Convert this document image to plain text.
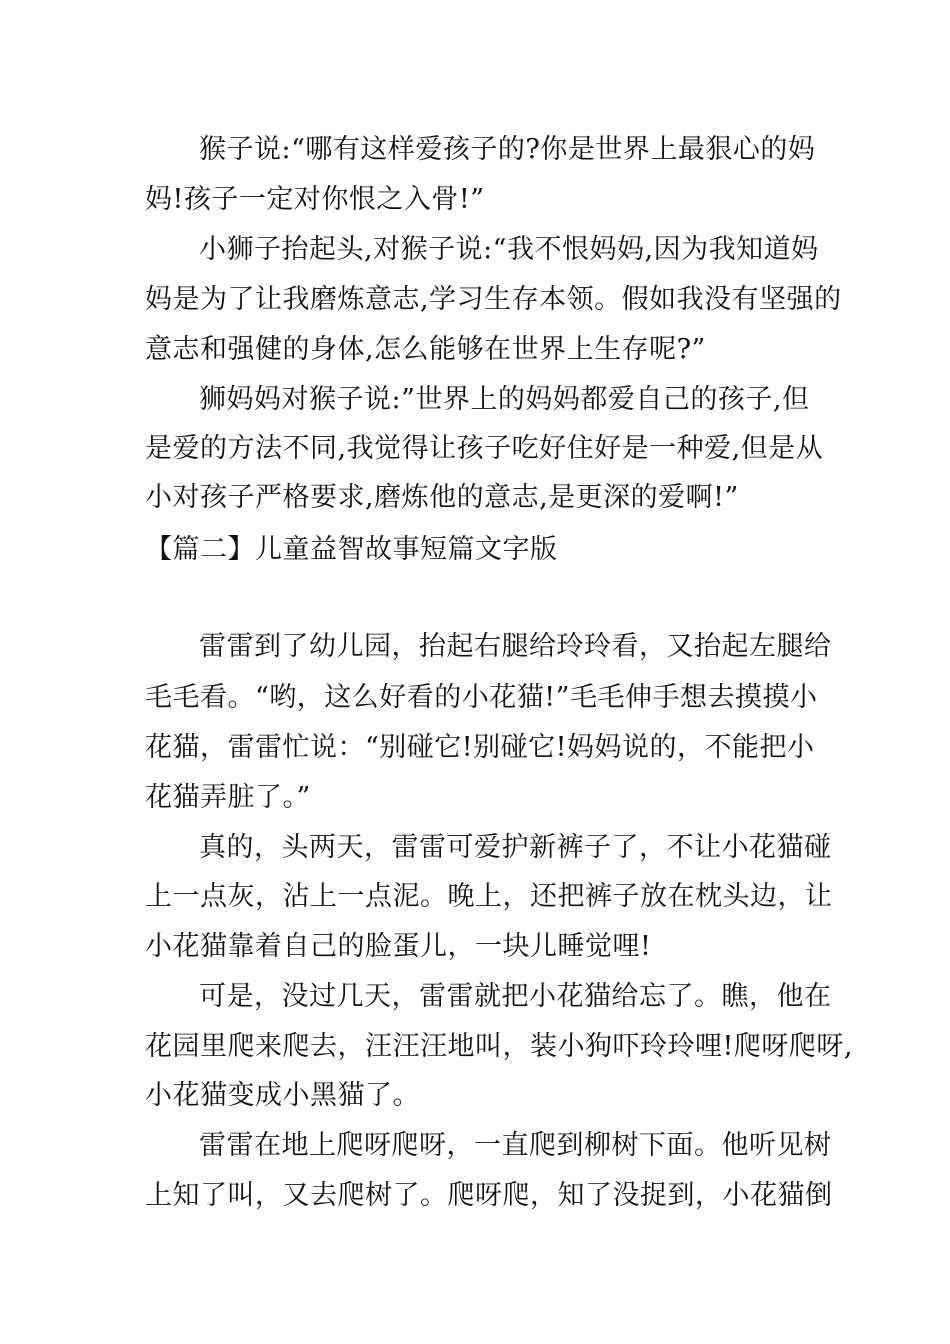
猴子说:“哪有这样爱孩子的?你是世界上最狠心的妈
妈!孩子一定对你恨之入骨!”
小狮子抬起头,对猴子说:“我不恨妈妈,因为我知道妈
妈是为了让我磨炼意志,学习生存本领。假如我没有坚强的
意志和强健的身体,怎么能够在世界上生存呢?”
狮妈妈对猴子说:”世界上的妈妈都爱自己的孩子,但
是爱的方法不同,我觉得让孩子吃好住好是一种爱,但是从
小对孩子严格要求,磨炼他的意志,是更深的爱啊!”
【篇二】儿童益智故事短篇文字版
雷雷到了幼儿园，抬起右腿给玲玲看，又抬起左腿给
毛毛看。“哟，这么好看的小花猫!”毛毛伸手想去摸摸小
花猫，雷雷忙说：“别碰它!别碰它!妈妈说的，不能把小
花猫弄脏了。”
真的，头两天，雷雷可爱护新裤子了，不让小花猫碰
上一点灰，沾上一点泥。晚上，还把裤子放在枕头边，让
小花猫靠着自己的脸蛋儿，一块儿睡觉哩!
可是，没过几天，雷雷就把小花猫给忘了。瞧，他在
花园里爬来爬去，汪汪汪地叫，装小狗吓玲玲哩!爬呀爬呀,
小花猫变成小黑猫了。
雷雷在地上爬呀爬呀，一直爬到柳树下面。他听见树
上知了叫，又去爬树了。爬呀爬，知了没捉到，小花猫倒
